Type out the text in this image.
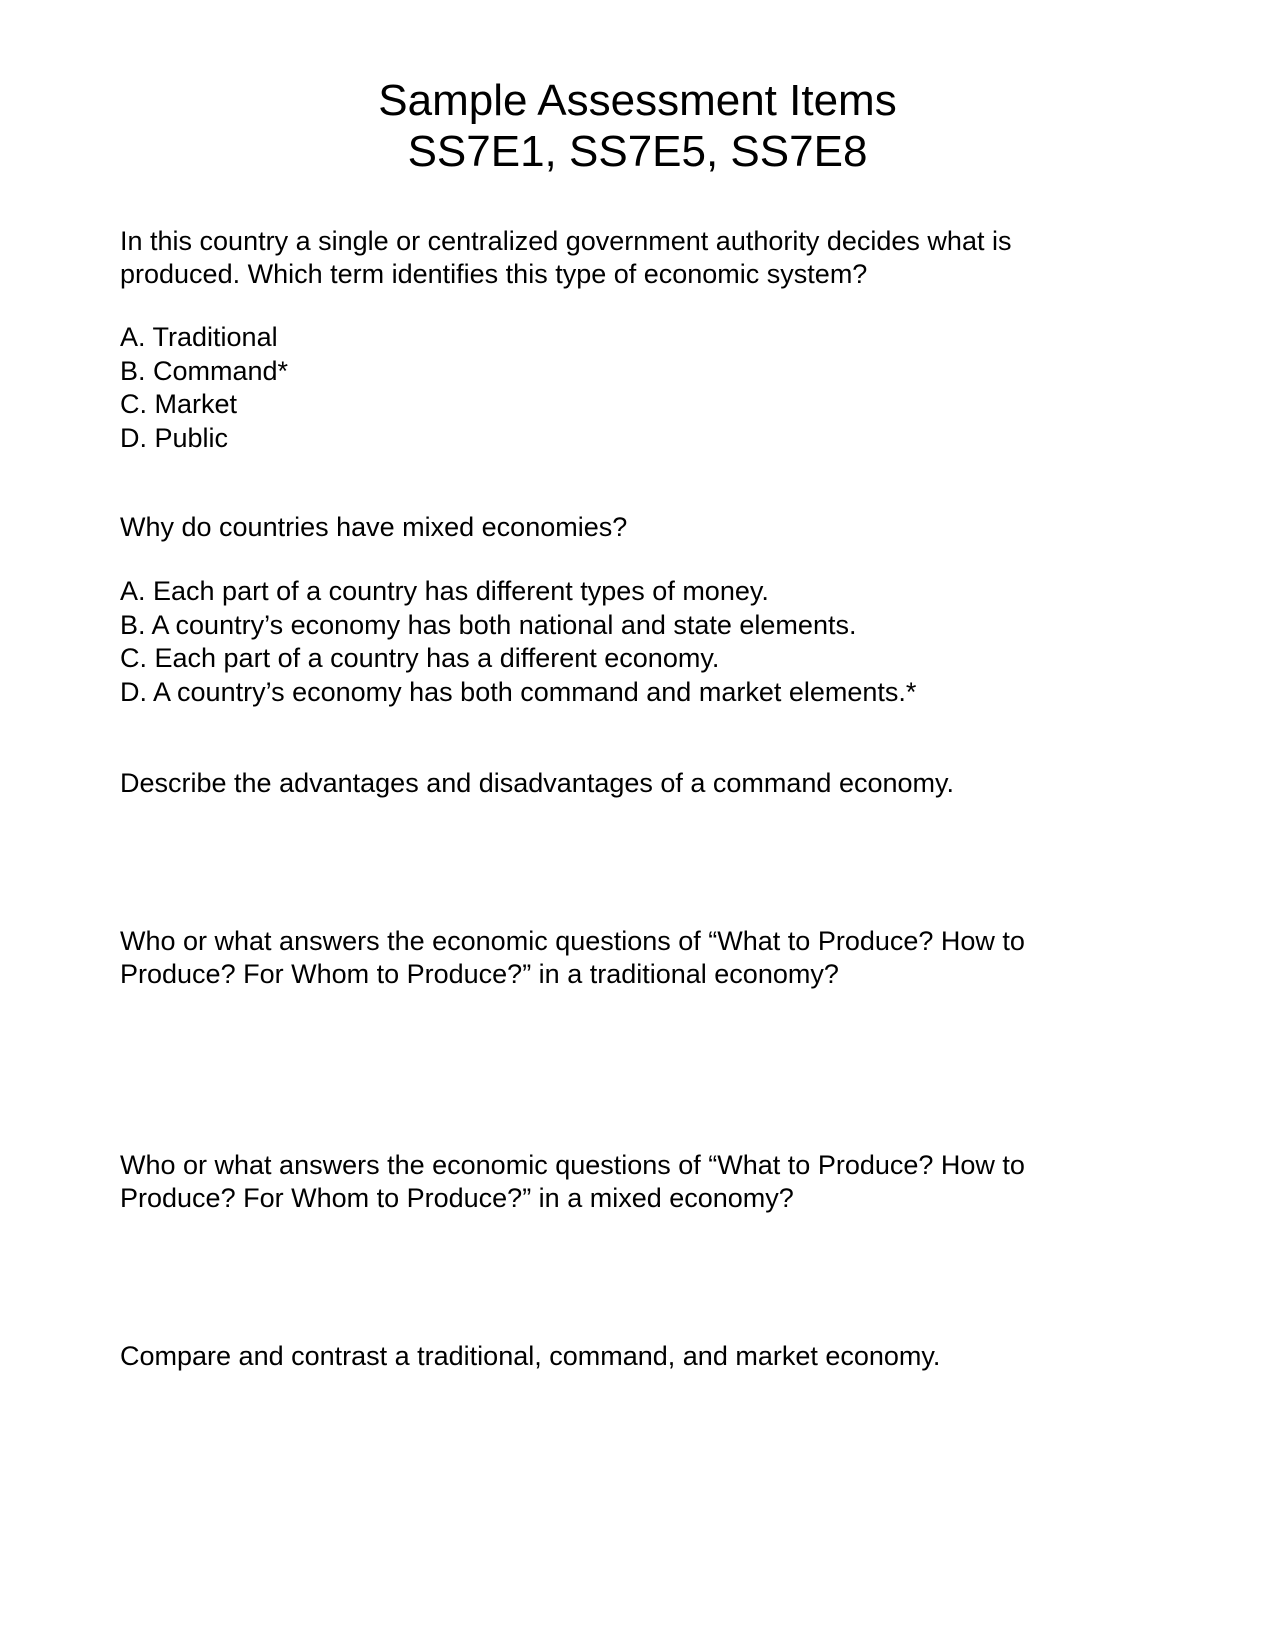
Sample Assessment Items
SS7E1, SS7E5, SS7E8

In this country a single or centralized government authority decides what is

produced. Which term identifies this type of economic system?

A. Traditional
B. Command*
C. Market
D. Public

Why do countries have mixed economies?

A. Each part of a country has different types of money.
B. A country’s economy has both national and state elements.
C. Each part of a country has a different economy.
D. A country’s economy has both command and market elements.*

Describe the advantages and disadvantages of a command economy.

Who or what answers the economic questions of “What to Produce? How to

Produce? For Whom to Produce?” in a traditional economy?

Who or what answers the economic questions of “What to Produce? How to

Produce? For Whom to Produce?” in a mixed economy?

Compare and contrast a traditional, command, and market economy.
